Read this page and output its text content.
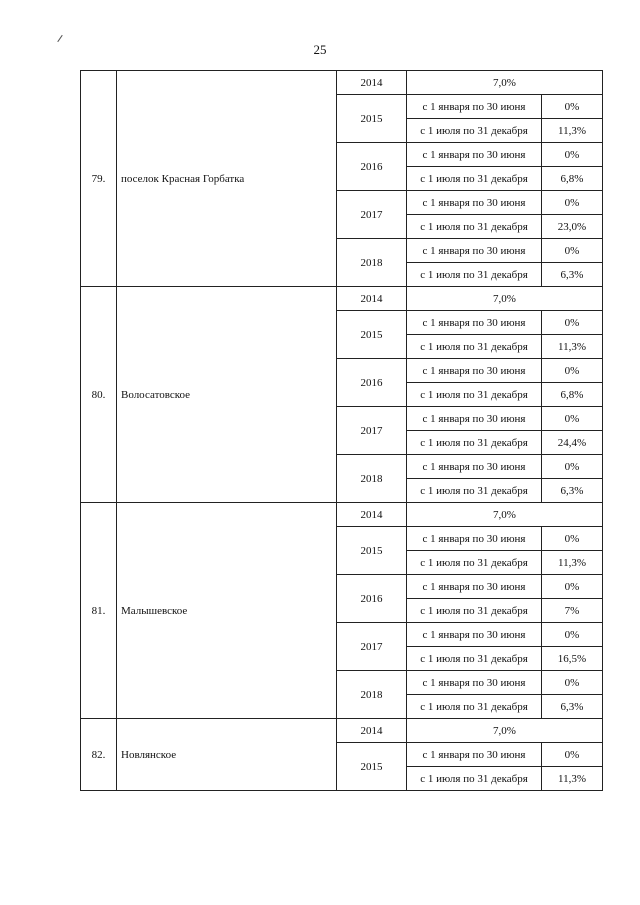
25
79.	поселок Красная Горбатка	2014	7,0%	
		2015	с 1 января по 30 июня	0%
			с 1 июля по 31 декабря	11,3%
		2016	с 1 января по 30 июня	0%
			с 1 июля по 31 декабря	6,8%
		2017	с 1 января по 30 июня	0%
			с 1 июля по 31 декабря	23,0%
		2018	с 1 января по 30 июня	0%
			с 1 июля по 31 декабря	6,3%
80.	Волосатовское	2014	7,0%	
		2015	с 1 января по 30 июня	0%
			с 1 июля по 31 декабря	11,3%
		2016	с 1 января по 30 июня	0%
			с 1 июля по 31 декабря	6,8%
		2017	с 1 января по 30 июня	0%
			с 1 июля по 31 декабря	24,4%
		2018	с 1 января по 30 июня	0%
			с 1 июля по 31 декабря	6,3%
81.	Малышевское	2014	7,0%	
		2015	с 1 января по 30 июня	0%
			с 1 июля по 31 декабря	11,3%
		2016	с 1 января по 30 июня	0%
			с 1 июля по 31 декабря	7%
		2017	с 1 января по 30 июня	0%
			с 1 июля по 31 декабря	16,5%
		2018	с 1 января по 30 июня	0%
			с 1 июля по 31 декабря	6,3%
82.	Новлянское	2014	7,0%	
		2015	с 1 января по 30 июня	0%
			с 1 июля по 31 декабря	11,3%
